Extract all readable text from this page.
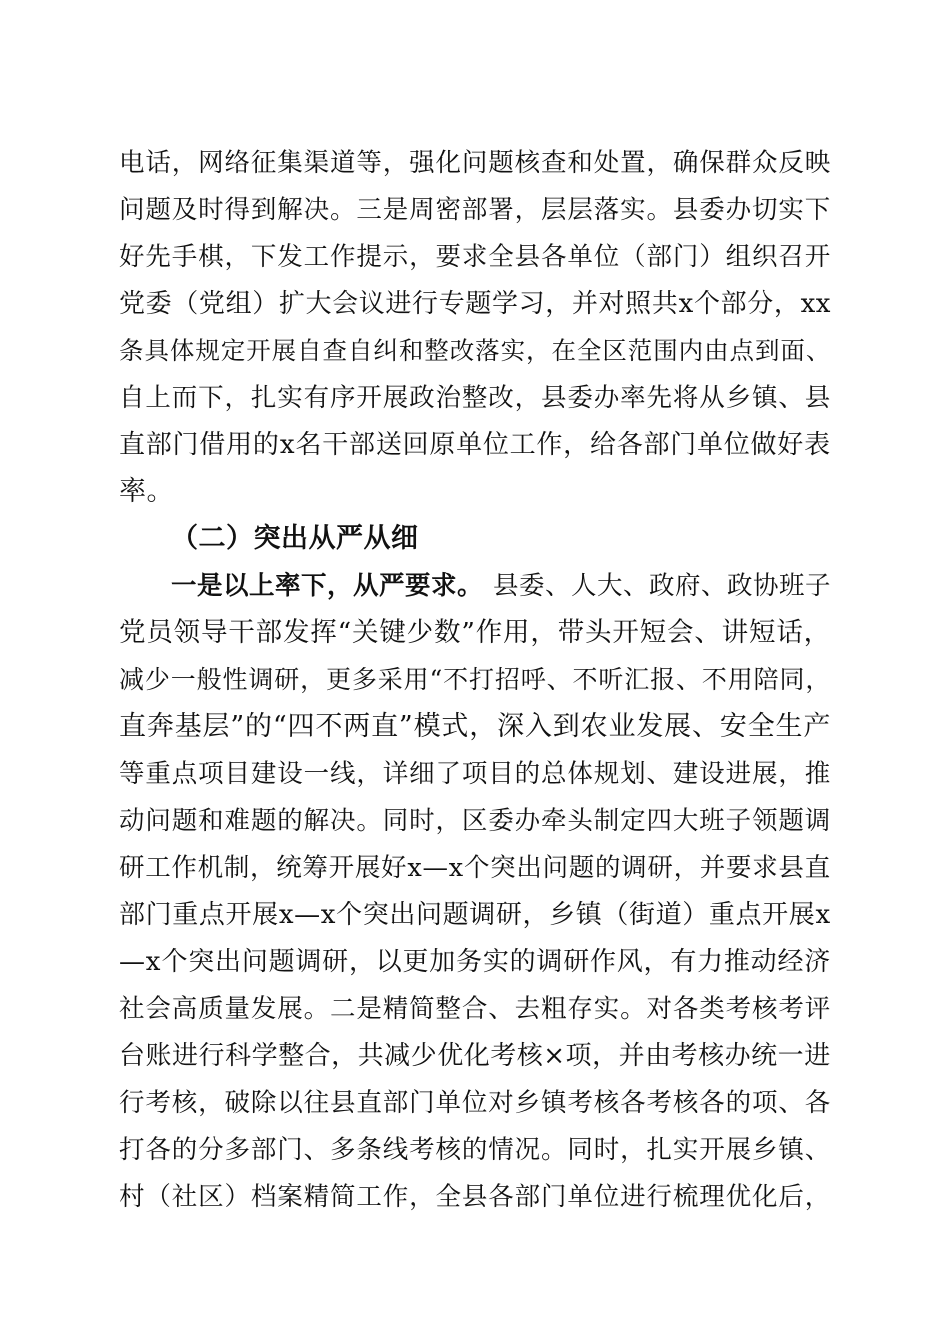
电 话 ， 网 络 征 集 渠 道 等 ， 强 化 问 题 核 查 和 处 置 ， 确 保 群 众 反 映
问 题 及 时 得 到 解 决 。 三 是 周 密 部 署 ， 层 层 落 实 。 县 委 办 切 实 下
好 先 手 棋 ， 下 发 工 作 提 示 ， 要 求 全 县 各 单 位 （ 部 门 ） 组 织 召 开
党 委 （ 党 组 ） 扩 大 会 议 进 行 专 题 学 习 ， 并 对 照 共 x 个 部 分 ， xx
条 具 体 规 定 开 展 自 查 自 纠 和 整 改 落 实 ， 在 全 区 范 围 内 由 点 到 面 、
自 上 而 下 ， 扎 实 有 序 开 展 政 治 整 改 ， 县 委 办 率 先 将 从 乡 镇 、 县
直 部 门 借 用 的 x 名 干 部 送 回 原 单 位 工 作 ， 给 各 部 门 单 位 做 好 表
率。
（二）突出从严从细
一是以上率下，从严要求。 县委、人大、政府、政协班子
党 员 领 导 干 部 发 挥 “ 关 键 少 数 ” 作 用 ， 带 头 开 短 会 、 讲 短 话 ，
减 少 一 般 性 调 研 ， 更 多 采 用 “ 不 打 招 呼 、 不 听 汇 报 、 不 用 陪 同 ，
直 奔 基 层 ” 的 “ 四 不 两 直 ” 模 式 ， 深 入 到 农 业 发 展 、 安 全 生 产
等 重 点 项 目 建 设 一 线 ， 详 细 了 项 目 的 总 体 规 划 、 建 设 进 展 ， 推
动 问 题 和 难 题 的 解 决 。 同 时 ， 区 委 办 牵 头 制 定 四 大 班 子 领 题 调
研 工 作 机 制 ， 统 筹 开 展 好 x — x 个 突 出 问 题 的 调 研 ， 并 要 求 县 直
部 门 重 点 开 展 x — x 个 突 出 问 题 调 研 ， 乡 镇 （ 街 道 ） 重 点 开 展 x
— x 个 突 出 问 题 调 研 ， 以 更 加 务 实 的 调 研 作 风 ， 有 力 推 动 经 济
社 会 高 质 量 发 展 。 二 是 精 简 整 合 、 去 粗 存 实 。 对 各 类 考 核 考 评
台 账 进 行 科 学 整 合 ， 共 减 少 优 化 考 核 × 项 ， 并 由 考 核 办 统 一 进
行 考 核 ， 破 除 以 往 县 直 部 门 单 位 对 乡 镇 考 核 各 考 核 各 的 项 、 各
打 各 的 分 多 部 门 、 多 条 线 考 核 的 情 况 。 同 时 ， 扎 实 开 展 乡 镇 、
村 （ 社 区 ） 档 案 精 简 工 作 ， 全 县 各 部 门 单 位 进 行 梳 理 优 化 后 ，
